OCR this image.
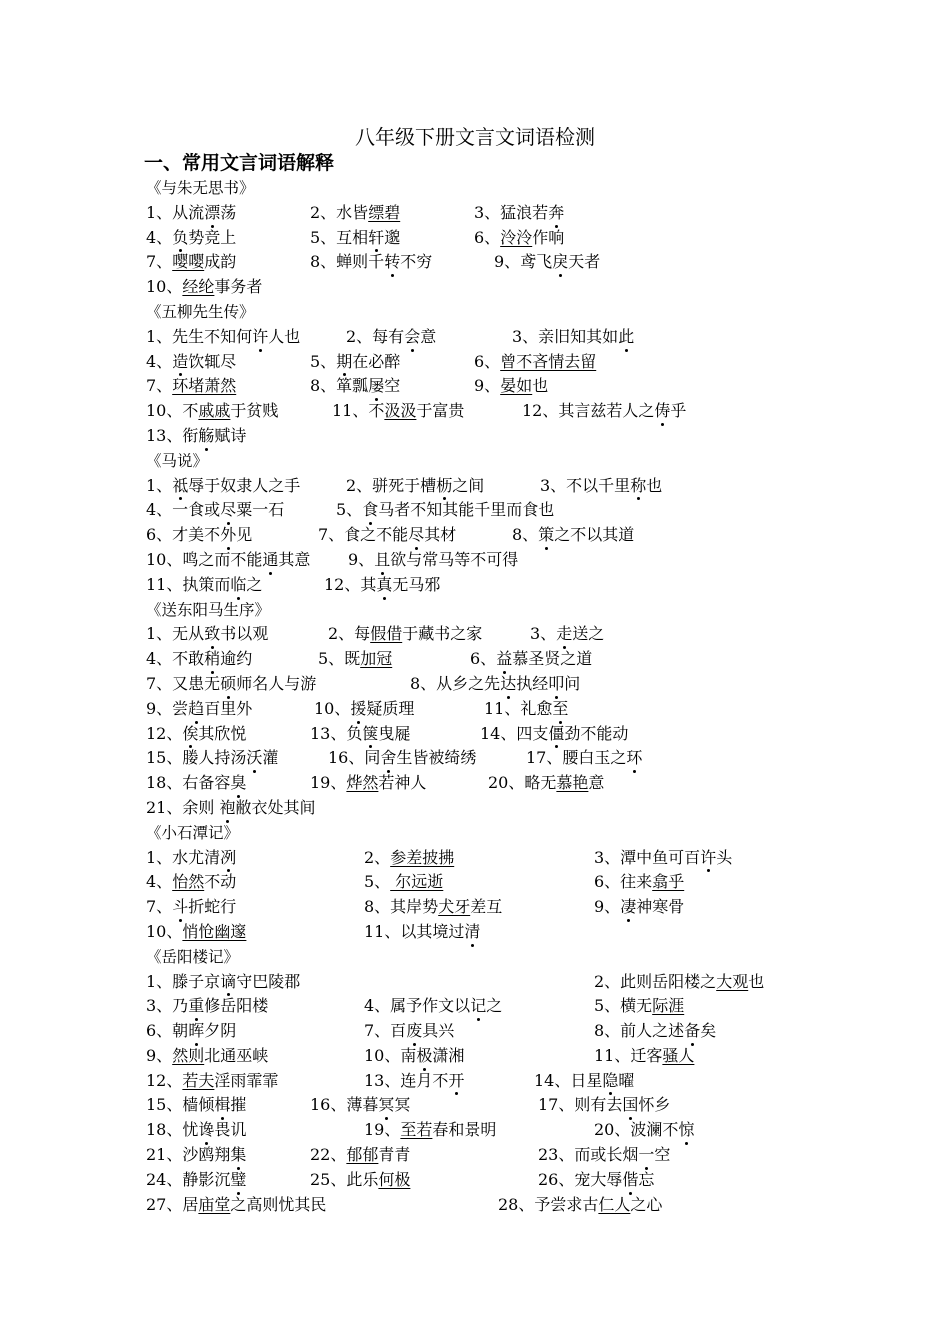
八年级下册文言文词语检测
一、常用文言词语解释
《与朱无思书》
1、从流漂荡	2、水皆缥碧	3、猛浪若奔
4、负势竞上	5、互相轩邈	6、泠泠作响
7、嘤嘤成韵	8、蝉则千转不穷	9、鸢飞戾天者
10、经纶事务者
《五柳先生传》
1、先生不知何许人也	2、每有会意	3、亲旧知其如此
4、造饮辄尽	5、期在必醉	6、曾不吝情去留
7、环堵萧然	8、箪瓢屡空	9、晏如也
10、不戚戚于贫贱	11、不汲汲于富贵	12、其言兹若人之俦乎
13、衔觞赋诗
《马说》
1、祗辱于奴隶人之手	2、骈死于槽枥之间	3、不以千里称也
4、一食或尽粟一石	5、食马者不知其能千里而食也
6、才美不外见	7、食之不能尽其材	8、策之不以其道
10、鸣之而不能通其意 9、且欲与常马等不可得
11、执策而临之	12、其真无马邪
《送东阳马生序》
1、无从致书以观	2、每假借于藏书之家	3、走送之
4、不敢稍逾约	5、既加冠	6、益慕圣贤之道
7、又患无硕师名人与游	8、从乡之先达执经叩问
9、尝趋百里外	10、援疑质理	11、礼愈至
12、俟其欣悦	13、负箧曳屣	14、四支僵劲不能动
15、媵人持汤沃灌	16、同舍生皆被绮绣	17、腰白玉之环
18、右备容臭	19、烨然若神人	20、略无慕艳意
21、余则 袍敝衣处其间
《小石潭记》
1、水尤清冽	2、参差披拂	3、潭中鱼可百许头
4、怡然不动	5、 尔远逝	6、往来翕乎
7、斗折蛇行	8、其岸势犬牙差互	9、凄神寒骨
10、悄怆幽邃	11、以其境过清
《岳阳楼记》
1、滕子京谪守巴陵郡	2、此则岳阳楼之大观也
3、乃重修岳阳楼	4、属予作文以记之	5、横无际涯
6、朝晖夕阴	7、百废具兴	8、前人之述备矣
9、然则北通巫峡	10、南极潇湘	11、迁客骚人
12、若夫淫雨霏霏	13、连月不开	14、日星隐曜
15、樯倾楫摧	16、薄暮冥冥	17、则有去国怀乡
18、忧谗畏讥	19、至若春和景明	20、波澜不惊
21、沙鸥翔集	22、郁郁青青	23、而或长烟一空
24、静影沉璧	25、此乐何极	26、宠大辱偕忘
27、居庙堂之高则忧其民	28、予尝求古仁人之心
